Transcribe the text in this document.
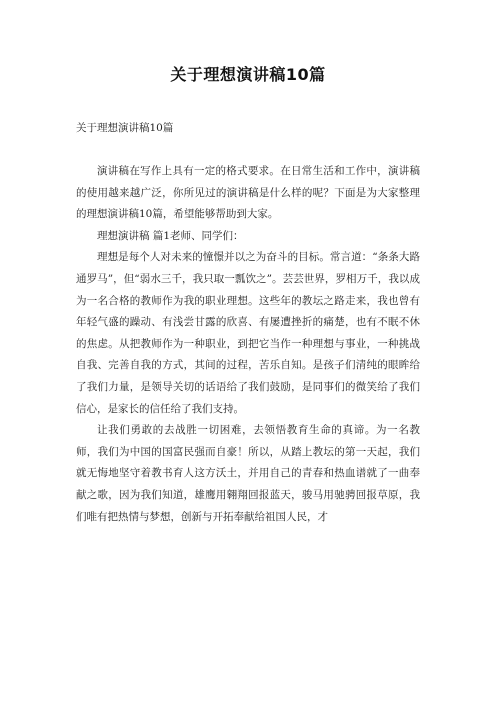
关于理想演讲稿10篇
关于理想演讲稿10篇

演讲稿在写作上具有一定的格式要求。在日常生活和工作中，演讲稿的使用越来越广泛，你所见过的演讲稿是什么样的呢？下面是为大家整理的理想演讲稿10篇，希望能够帮助到大家。

理想演讲稿 篇1老师、同学们：

理想是每个人对未来的憧憬并以之为奋斗的目标。常言道：“条条大路通罗马”，但“弱水三千，我只取一瓢饮之”。芸芸世界，罗相万千，我以成为一名合格的教师作为我的职业理想。这些年的教坛之路走来，我也曾有年轻气盛的躁动、有浅尝甘露的欣喜、有屡遭挫折的痛楚，也有不眠不休的焦虑。从把教师作为一种职业，到把它当作一种理想与事业，一种挑战自我、完善自我的方式，其间的过程，苦乐自知。是孩子们清纯的眼眸给了我们力量，是领导关切的话语给了我们鼓励，是同事们的微笑给了我们信心，是家长的信任给了我们支持。

让我们勇敢的去战胜一切困难，去领悟教育生命的真谛。为一名教师，我们为中国的国富民强而自豪！所以，从踏上教坛的第一天起，我们就无悔地坚守着教书育人这方沃土，并用自己的青春和热血谱就了一曲奉献之歌，因为我们知道，雄鹰用翱翔回报蓝天，骏马用驰骋回报草原，我们唯有把热情与梦想，创新与开拓奉献给祖国人民，才
